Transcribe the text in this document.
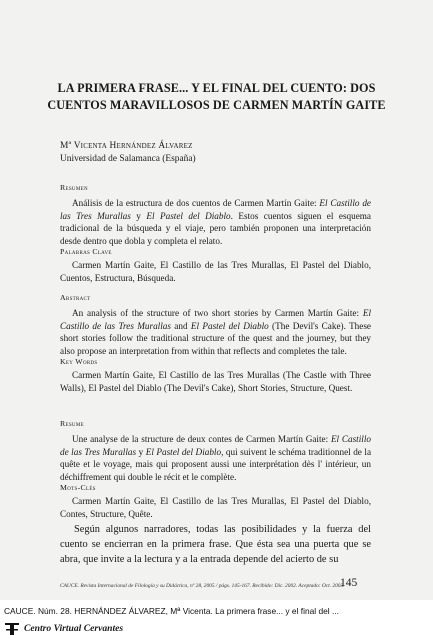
LA PRIMERA FRASE... Y EL FINAL DEL CUENTO: DOS
CUENTOS MARAVILLOSOS DE CARMEN MARTÍN GAITE
Mª Vicenta Hernández Álvarez
Universidad de Salamanca (España)
Resumen
Análisis de la estructura de dos cuentos de Carmen Martín Gaite: El Castillo de las Tres Murallas y El Pastel del Diablo. Estos cuentos siguen el esquema tradicional de la búsqueda y el viaje, pero también proponen una interpretación desde dentro que dobla y completa el relato.
Palabras Clave
Carmen Martín Gaite, El Castillo de las Tres Murallas, El Pastel del Diablo, Cuentos, Estructura, Búsqueda.
Abstract
An analysis of the structure of two short stories by Carmen Martín Gaite: El Castillo de las Tres Murallas and El Pastel del Diablo (The Devil's Cake). These short stories follow the traditional structure of the quest and the journey, but they also propose an interpretation from within that reflects and completes the tale.
Key Words
Carmen Martín Gaite, El Castillo de las Tres Murallas (The Castle with Three Walls), El Pastel del Diablo (The Devil's Cake), Short Stories, Structure, Quest.
Resume
Une analyse de la structure de deux contes de Carmen Martín Gaite: El Castillo de las Tres Murallas y El Pastel del Diablo, qui suivent le schéma traditionnel de la quête et le voyage, mais qui proposent aussi une interprétation dès l' intérieur, un déchiffrement qui double le récit et le complète.
Mots-Clés
Carmen Martín Gaite, El Castillo de las Tres Murallas, El Pastel del Diablo, Contes, Structure, Quête.
Según algunos narradores, todas las posibilidades y la fuerza del cuento se encierran en la primera frase. Que ésta sea una puerta que se abra, que invite a la lectura y a la entrada depende del acierto de su
CAUCE. Revista Internacional de Filología y su Didáctica, nº 28, 2005 / págs. 145-167. Recibido: Dic. 2002. Aceptado: Oct. 2003.
145
CAUCE. Núm. 28. HERNÁNDEZ ÁLVAREZ, Mª Vicenta. La primera frase... y el final del ...
Centro Virtual Cervantes
